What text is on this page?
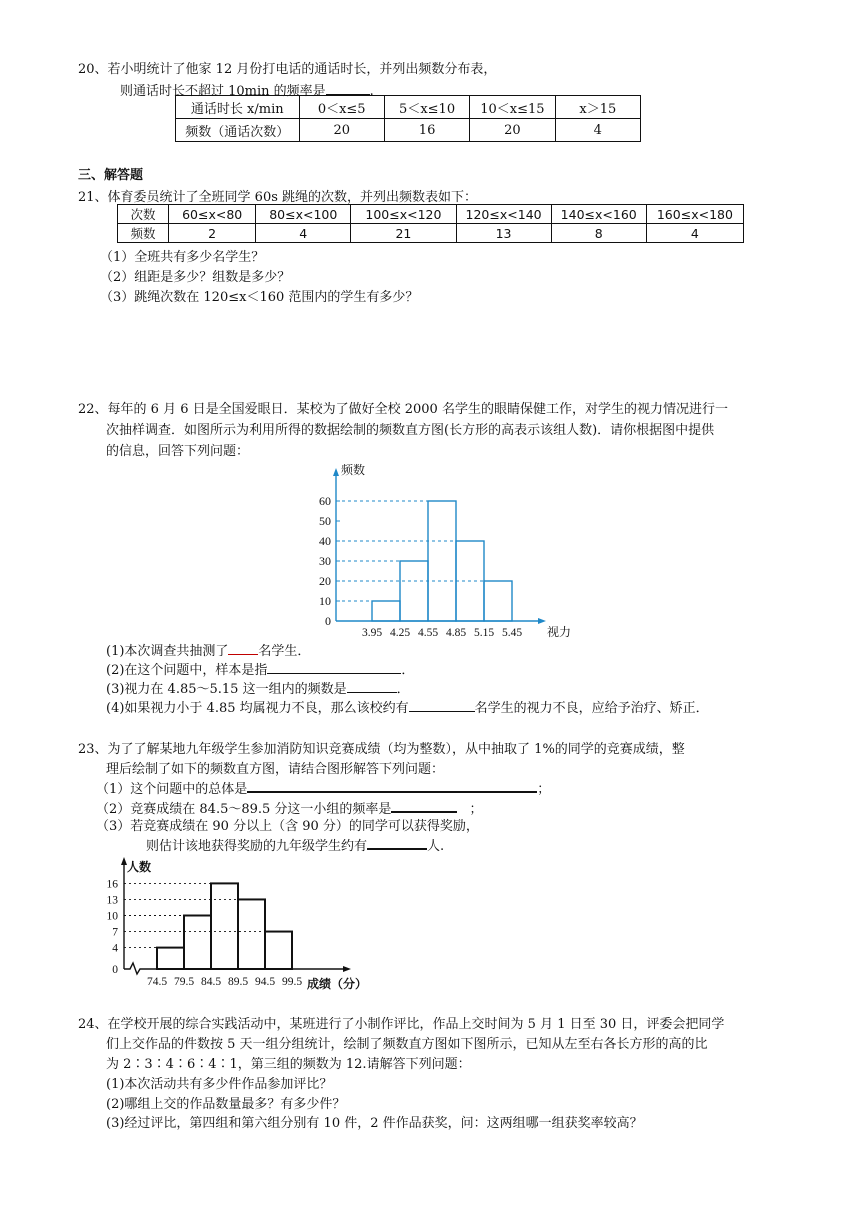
20、若小明统计了他家 12 月份打电话的通话时长，并列出频数分布表，
则通话时长不超过 10min 的频率是	.
通话时长 x/min	0＜x≤5	5＜x≤10	10＜x≤15	x＞15
频数（通话次数）	20	16	20	4
三、解答题
21、体育委员统计了全班同学 60s 跳绳的次数，并列出频数表如下：
次数	60≤x<80	80≤x<100	100≤x<120	120≤x<140	140≤x<160	160≤x<180
频数	2	4	21	13	8	4
（1）全班共有多少名学生？
（2）组距是多少？组数是多少？
（3）跳绳次数在 120≤x＜160 范围内的学生有多少？
22、每年的 6 月 6 日是全国爱眼日．某校为了做好全校 2000 名学生的眼睛保健工作，对学生的视力情况进行一
次抽样调查．如图所示为利用所得的数据绘制的频数直方图(长方形的高表示该组人数)．请你根据图中提供
的信息，回答下列问题：
0
10
20
30
40
50
60
3.95 4.25 4.55 4.85 5.15 5.45
频数
视力
(1)本次调查共抽测了 名学生．
(2)在这个问题中，样本是指	．
(3)视力在 4.85～5.15 这一组内的频数是	．
(4)如果视力小于 4.85 均属视力不良，那么该校约有	名学生的视力不良，应给予治疗、矫正．
23、为了了解某地九年级学生参加消防知识竞赛成绩（均为整数），从中抽取了 1%的同学的竞赛成绩，整
理后绘制了如下的频数直方图，请结合图形解答下列问题：
（1）这个问题中的总体是	；
（2）竞赛成绩在 84.5～89.5 分这一小组的频率是	；
（3）若竞赛成绩在 90 分以上（含 90 分）的同学可以获得奖励，
则估计该地获得奖励的九年级学生约有	人.
0
4
7
10
13
16
74.5 79.5 84.5 89.5 94.5 99.5
人数
成绩（分）
24、在学校开展的综合实践活动中，某班进行了小制作评比，作品上交时间为 5 月 1 日至 30 日，评委会把同学
们上交作品的件数按 5 天一组分组统计，绘制了频数直方图如下图所示，已知从左至右各长方形的高的比
为 2∶3∶4∶6∶4∶1，第三组的频数为 12.请解答下列问题：
(1)本次活动共有多少件作品参加评比？
(2)哪组上交的作品数量最多？有多少件？
(3)经过评比，第四组和第六组分别有 10 件，2 件作品获奖，问：这两组哪一组获奖率较高？
